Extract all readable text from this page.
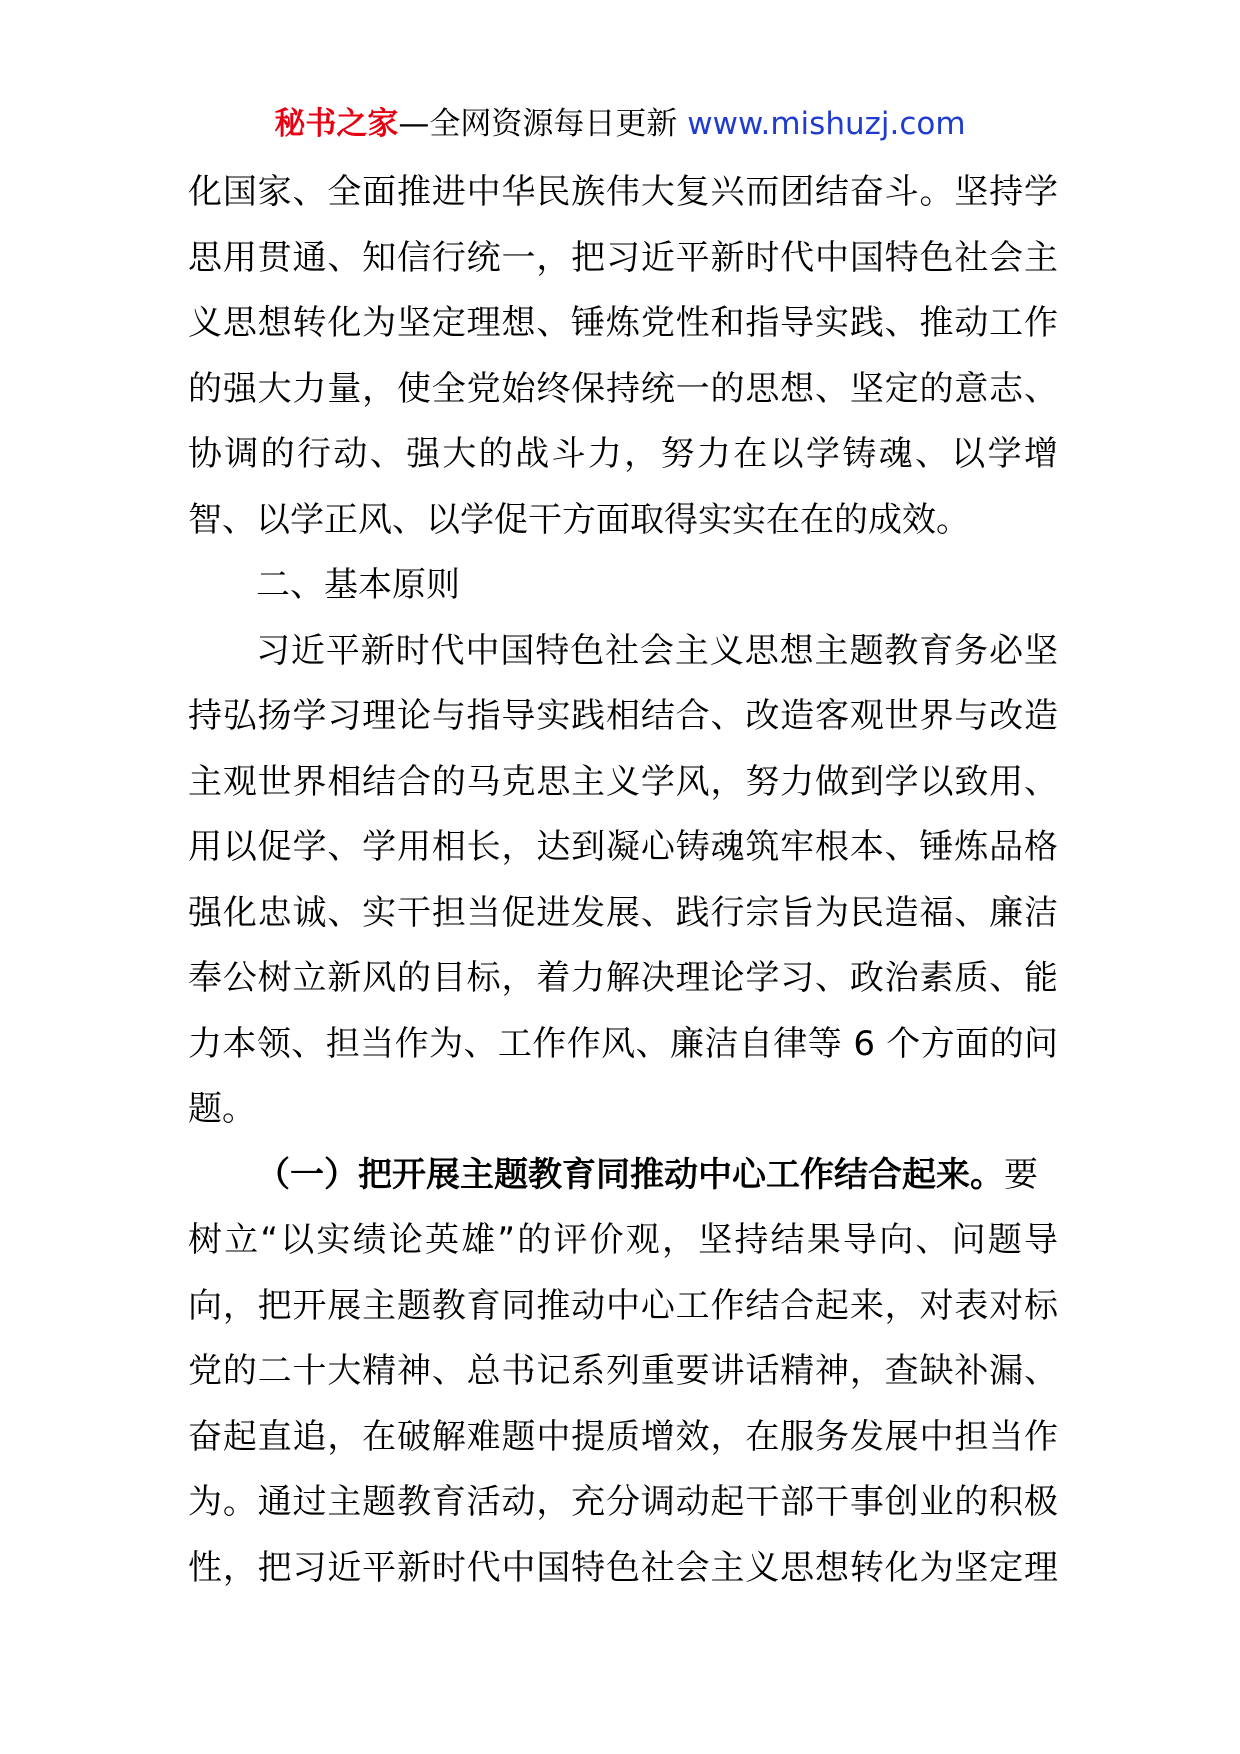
秘书之家—全网资源每日更新 www.mishuzj.com
化国家、全面推进中华民族伟大复兴而团结奋斗。坚持学
思用贯通、知信行统一，把习近平新时代中国特色社会主
义思想转化为坚定理想、锤炼党性和指导实践、推动工作
的强大力量，使全党始终保持统一的思想、坚定的意志、
协调的行动、强大的战斗力，努力在以学铸魂、以学增
智、以学正风、以学促干方面取得实实在在的成效。
二、基本原则
习近平新时代中国特色社会主义思想主题教育务必坚
持弘扬学习理论与指导实践相结合、改造客观世界与改造
主观世界相结合的马克思主义学风，努力做到学以致用、
用以促学、学用相长，达到凝心铸魂筑牢根本、锤炼品格
强化忠诚、实干担当促进发展、践行宗旨为民造福、廉洁
奉公树立新风的目标，着力解决理论学习、政治素质、能
力本领、担当作为、工作作风、廉洁自律等 6 个方面的问
题。
（一）把开展主题教育同推动中心工作结合起来。要
树立“以实绩论英雄”的评价观，坚持结果导向、问题导
向，把开展主题教育同推动中心工作结合起来，对表对标
党的二十大精神、总书记系列重要讲话精神，查缺补漏、
奋起直追，在破解难题中提质增效，在服务发展中担当作
为。通过主题教育活动，充分调动起干部干事创业的积极
性，把习近平新时代中国特色社会主义思想转化为坚定理
